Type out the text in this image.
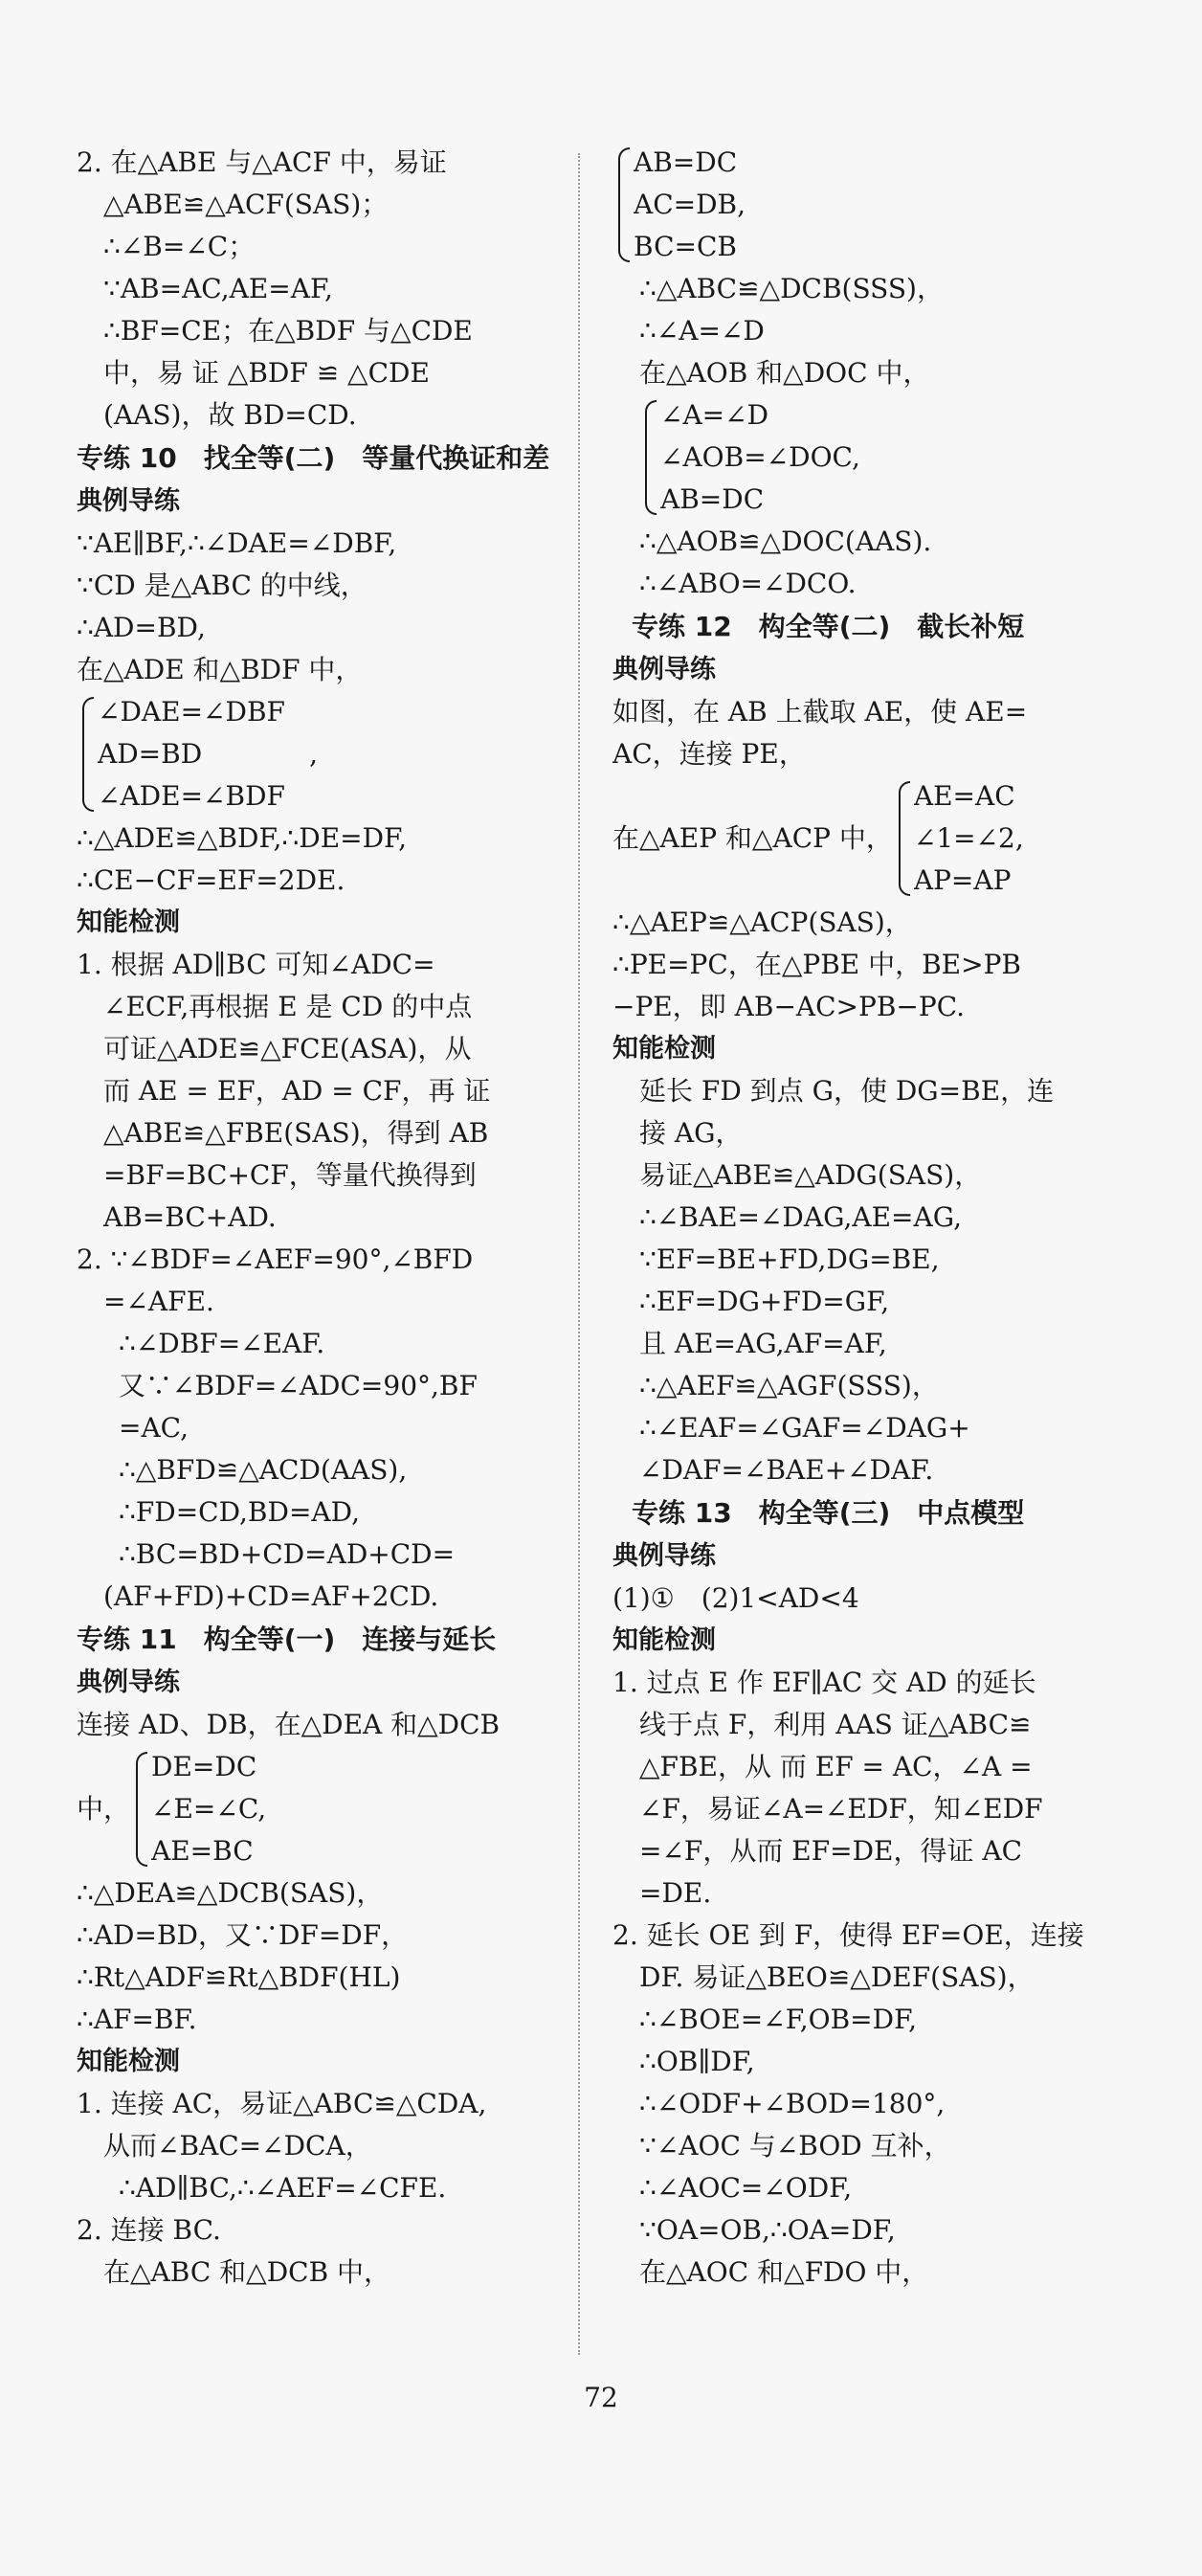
2. 在△ABE 与△ACF 中，易证
△ABE≌△ACF(SAS)；
∴∠B=∠C；
∵AB=AC,AE=AF,
∴BF=CE；在△BDF 与△CDE
中，易 证 △BDF ≌ △CDE
(AAS)，故 BD=CD.
专练 10　找全等(二)　等量代换证和差
典例导练
∵AE∥BF,∴∠DAE=∠DBF,
∵CD 是△ABC 的中线，
∴AD=BD,
在△ADE 和△BDF 中，
∠DAE=∠DBF
AD=BD　　　　,
∠ADE=∠BDF
∴△ADE≌△BDF,∴DE=DF,
∴CE−CF=EF=2DE.
知能检测
1. 根据 AD∥BC 可知∠ADC=
∠ECF,再根据 E 是 CD 的中点
可证△ADE≌△FCE(ASA)，从
而 AE = EF，AD = CF，再 证
△ABE≌△FBE(SAS)，得到 AB
=BF=BC+CF，等量代换得到
AB=BC+AD.
2. ∵∠BDF=∠AEF=90°,∠BFD
=∠AFE.
∴∠DBF=∠EAF.
又∵∠BDF=∠ADC=90°,BF
=AC,
∴△BFD≌△ACD(AAS),
∴FD=CD,BD=AD,
∴BC=BD+CD=AD+CD=
(AF+FD)+CD=AF+2CD.
专练 11　构全等(一)　连接与延长
典例导练
连接 AD、DB，在△DEA 和△DCB
中，
DE=DC
∠E=∠C,
AE=BC
∴△DEA≌△DCB(SAS)，
∴AD=BD，又∵DF=DF，
∴Rt△ADF≌Rt△BDF(HL)
∴AF=BF.
知能检测
1. 连接 AC，易证△ABC≌△CDA,
从而∠BAC=∠DCA，
∴AD∥BC,∴∠AEF=∠CFE.
2. 连接 BC.
在△ABC 和△DCB 中，
AB=DC
AC=DB,
BC=CB
∴△ABC≌△DCB(SSS)，
∴∠A=∠D
在△AOB 和△DOC 中，
∠A=∠D
∠AOB=∠DOC,
AB=DC
∴△AOB≌△DOC(AAS).
∴∠ABO=∠DCO.
专练 12　构全等(二)　截长补短
典例导练
如图，在 AB 上截取 AE，使 AE=
AC，连接 PE，
在△AEP 和△ACP 中，
AE=AC
∠1=∠2,
AP=AP
∴△AEP≌△ACP(SAS)，
∴PE=PC，在△PBE 中，BE>PB
−PE，即 AB−AC>PB−PC.
知能检测
延长 FD 到点 G，使 DG=BE，连
接 AG，
易证△ABE≌△ADG(SAS)，
∴∠BAE=∠DAG,AE=AG,
∵EF=BE+FD,DG=BE,
∴EF=DG+FD=GF,
且 AE=AG,AF=AF,
∴△AEF≌△AGF(SSS)，
∴∠EAF=∠GAF=∠DAG+
∠DAF=∠BAE+∠DAF.
专练 13　构全等(三)　中点模型
典例导练
(1)①　(2)1<AD<4
知能检测
1. 过点 E 作 EF∥AC 交 AD 的延长
线于点 F，利用 AAS 证△ABC≌
△FBE，从 而 EF = AC，∠A =
∠F，易证∠A=∠EDF，知∠EDF
=∠F，从而 EF=DE，得证 AC
=DE.
2. 延长 OE 到 F，使得 EF=OE，连接
DF. 易证△BEO≌△DEF(SAS)，
∴∠BOE=∠F,OB=DF,
∴OB∥DF,
∴∠ODF+∠BOD=180°,
∵∠AOC 与∠BOD 互补，
∴∠AOC=∠ODF,
∵OA=OB,∴OA=DF,
在△AOC 和△FDO 中，
72
